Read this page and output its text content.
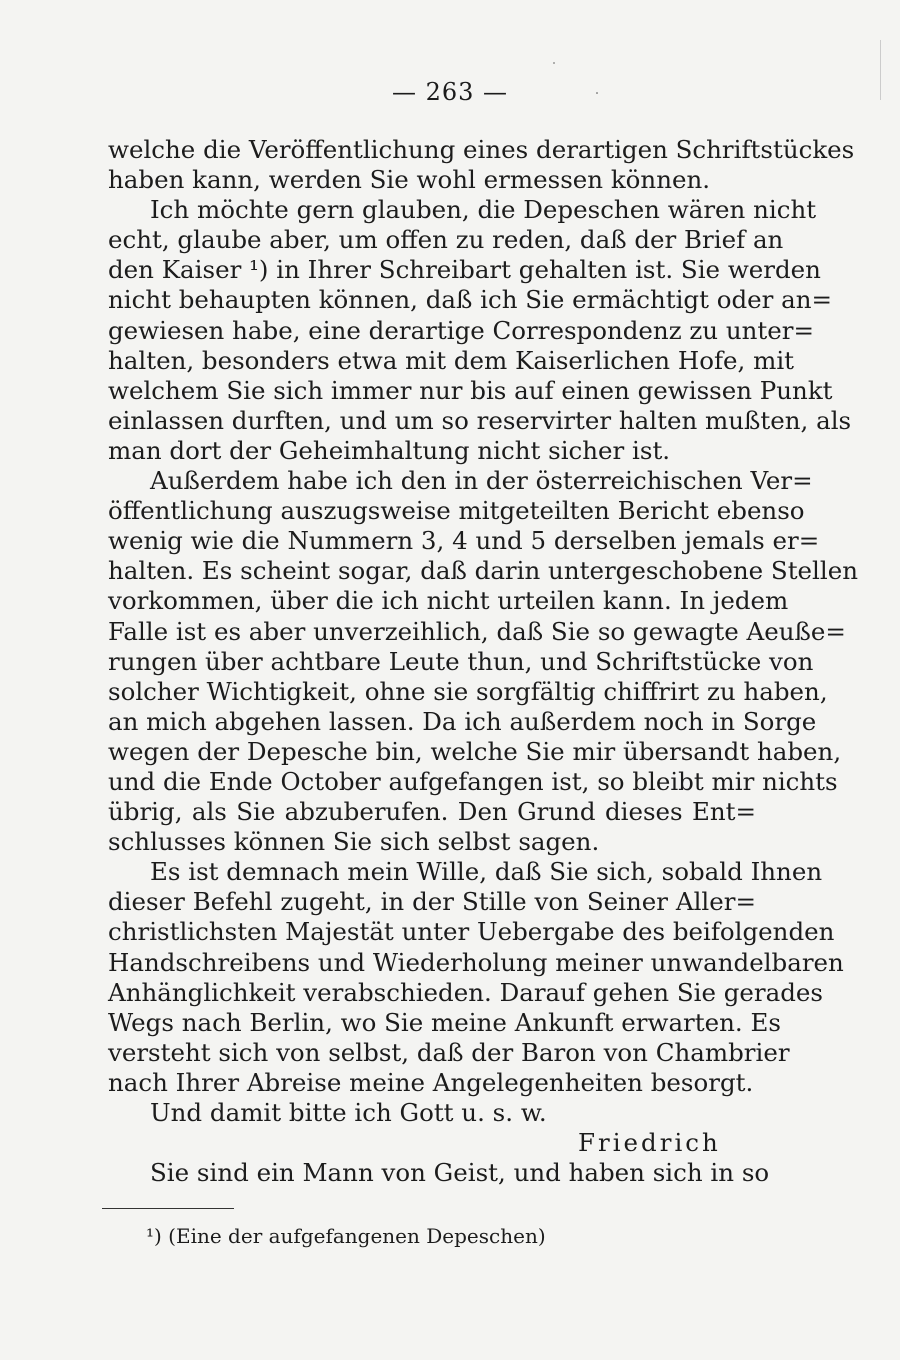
— 263 —
welche die Veröffentlichung eines derartigen Schriftstückes
haben kann, werden Sie wohl ermessen können.
Ich möchte gern glauben, die Depeschen wären nicht
echt, glaube aber, um offen zu reden, daß der Brief an
den Kaiser ¹) in Ihrer Schreibart gehalten ist. Sie werden
nicht behaupten können, daß ich Sie ermächtigt oder an=
gewiesen habe, eine derartige Correspondenz zu unter=
halten, besonders etwa mit dem Kaiserlichen Hofe, mit
welchem Sie sich immer nur bis auf einen gewissen Punkt
einlassen durften, und um so reservirter halten mußten, als
man dort der Geheimhaltung nicht sicher ist.
Außerdem habe ich den in der österreichischen Ver=
öffentlichung auszugsweise mitgeteilten Bericht ebenso
wenig wie die Nummern 3, 4 und 5 derselben jemals er=
halten. Es scheint sogar, daß darin untergeschobene Stellen
vorkommen, über die ich nicht urteilen kann. In jedem
Falle ist es aber unverzeihlich, daß Sie so gewagte Aeuße=
rungen über achtbare Leute thun, und Schriftstücke von
solcher Wichtigkeit, ohne sie sorgfältig chiffrirt zu haben,
an mich abgehen lassen. Da ich außerdem noch in Sorge
wegen der Depesche bin, welche Sie mir übersandt haben,
und die Ende October aufgefangen ist, so bleibt mir nichts
übrig, als Sie abzuberufen. Den Grund dieses Ent=
schlusses können Sie sich selbst sagen.
Es ist demnach mein Wille, daß Sie sich, sobald Ihnen
dieser Befehl zugeht, in der Stille von Seiner Aller=
christlichsten Majestät unter Uebergabe des beifolgenden
Handschreibens und Wiederholung meiner unwandelbaren
Anhänglichkeit verabschieden. Darauf gehen Sie gerades
Wegs nach Berlin, wo Sie meine Ankunft erwarten. Es
versteht sich von selbst, daß der Baron von Chambrier
nach Ihrer Abreise meine Angelegenheiten besorgt.
Und damit bitte ich Gott u. s. w.
Friedrich
Sie sind ein Mann von Geist, und haben sich in so
¹) (Eine der aufgefangenen Depeschen)
